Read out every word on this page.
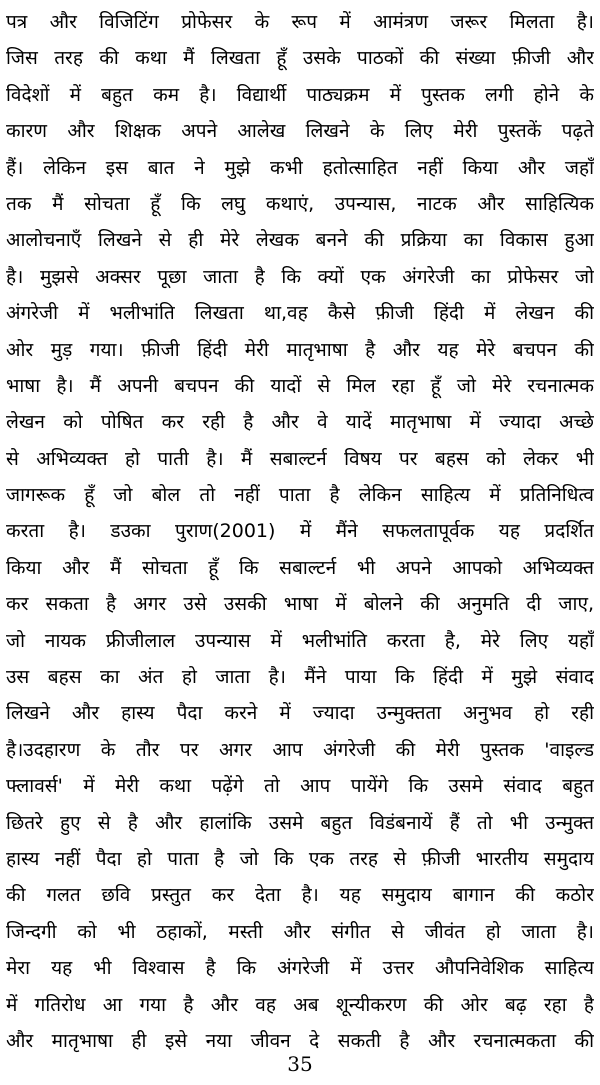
पत्र और विजिटिंग प्रोफेसर के रूप में आमंत्रण जरूर मिलता है।
जिस तरह की कथा मैं लिखता हूँ उसके पाठकों की संख्या फ़ीजी और
विदेशों में बहुत कम है। विद्यार्थी पाठ्यक्रम में पुस्तक लगी होने के
कारण और शिक्षक अपने आलेख लिखने के लिए मेरी पुस्तकें पढ़ते
हैं। लेकिन इस बात ने मुझे कभी हतोत्साहित नहीं किया और जहाँ
तक मैं सोचता हूँ कि लघु कथाएं, उपन्यास, नाटक और साहित्यिक
आलोचनाएँ लिखने से ही मेरे लेखक बनने की प्रक्रिया का विकास हुआ
है। मुझसे अक्सर पूछा जाता है कि क्यों एक अंगरेजी का प्रोफेसर जो
अंगरेजी में भलीभांति लिखता था,वह कैसे फ़ीजी हिंदी में लेखन की
ओर मुड़ गया। फ़ीजी हिंदी मेरी मातृभाषा है और यह मेरे बचपन की
भाषा है। मैं अपनी बचपन की यादों से मिल रहा हूँ जो मेरे रचनात्मक
लेखन को पोषित कर रही है और वे यादें मातृभाषा में ज्यादा अच्छे
से अभिव्यक्त हो पाती है। मैं सबाल्टर्न विषय पर बहस को लेकर भी
जागरूक हूँ जो बोल तो नहीं पाता है लेकिन साहित्य में प्रतिनिधित्व
करता है। डउका पुराण(2001) में मैंने सफलतापूर्वक यह प्रदर्शित
किया और मैं सोचता हूँ कि सबाल्टर्न भी अपने आपको अभिव्यक्त
कर सकता है अगर उसे उसकी भाषा में बोलने की अनुमति दी जाए,
जो नायक फ्रीजीलाल उपन्यास में भलीभांति करता है, मेरे लिए यहाँ
उस बहस का अंत हो जाता है। मैंने पाया कि हिंदी में मुझे संवाद
लिखने और हास्य पैदा करने में ज्यादा उन्मुक्तता अनुभव हो रही
है।उदहारण के तौर पर अगर आप अंगरेजी की मेरी पुस्तक 'वाइल्ड
फ्लावर्स' में मेरी कथा पढ़ेंगे तो आप पायेंगे कि उसमे संवाद बहुत
छितरे हुए से है और हालांकि उसमे बहुत विडंबनायें हैं तो भी उन्मुक्त
हास्य नहीं पैदा हो पाता है जो कि एक तरह से फ़ीजी भारतीय समुदाय
की गलत छवि प्रस्तुत कर देता है। यह समुदाय बागान की कठोर
जिन्दगी को भी ठहाकों, मस्ती और संगीत से जीवंत हो जाता है।
मेरा यह भी विश्वास है कि अंगरेजी में उत्तर औपनिवेशिक साहित्य
में गतिरोध आ गया है और वह अब शून्यीकरण की ओर बढ़ रहा है
और मातृभाषा ही इसे नया जीवन दे सकती है और रचनात्मकता की
35
